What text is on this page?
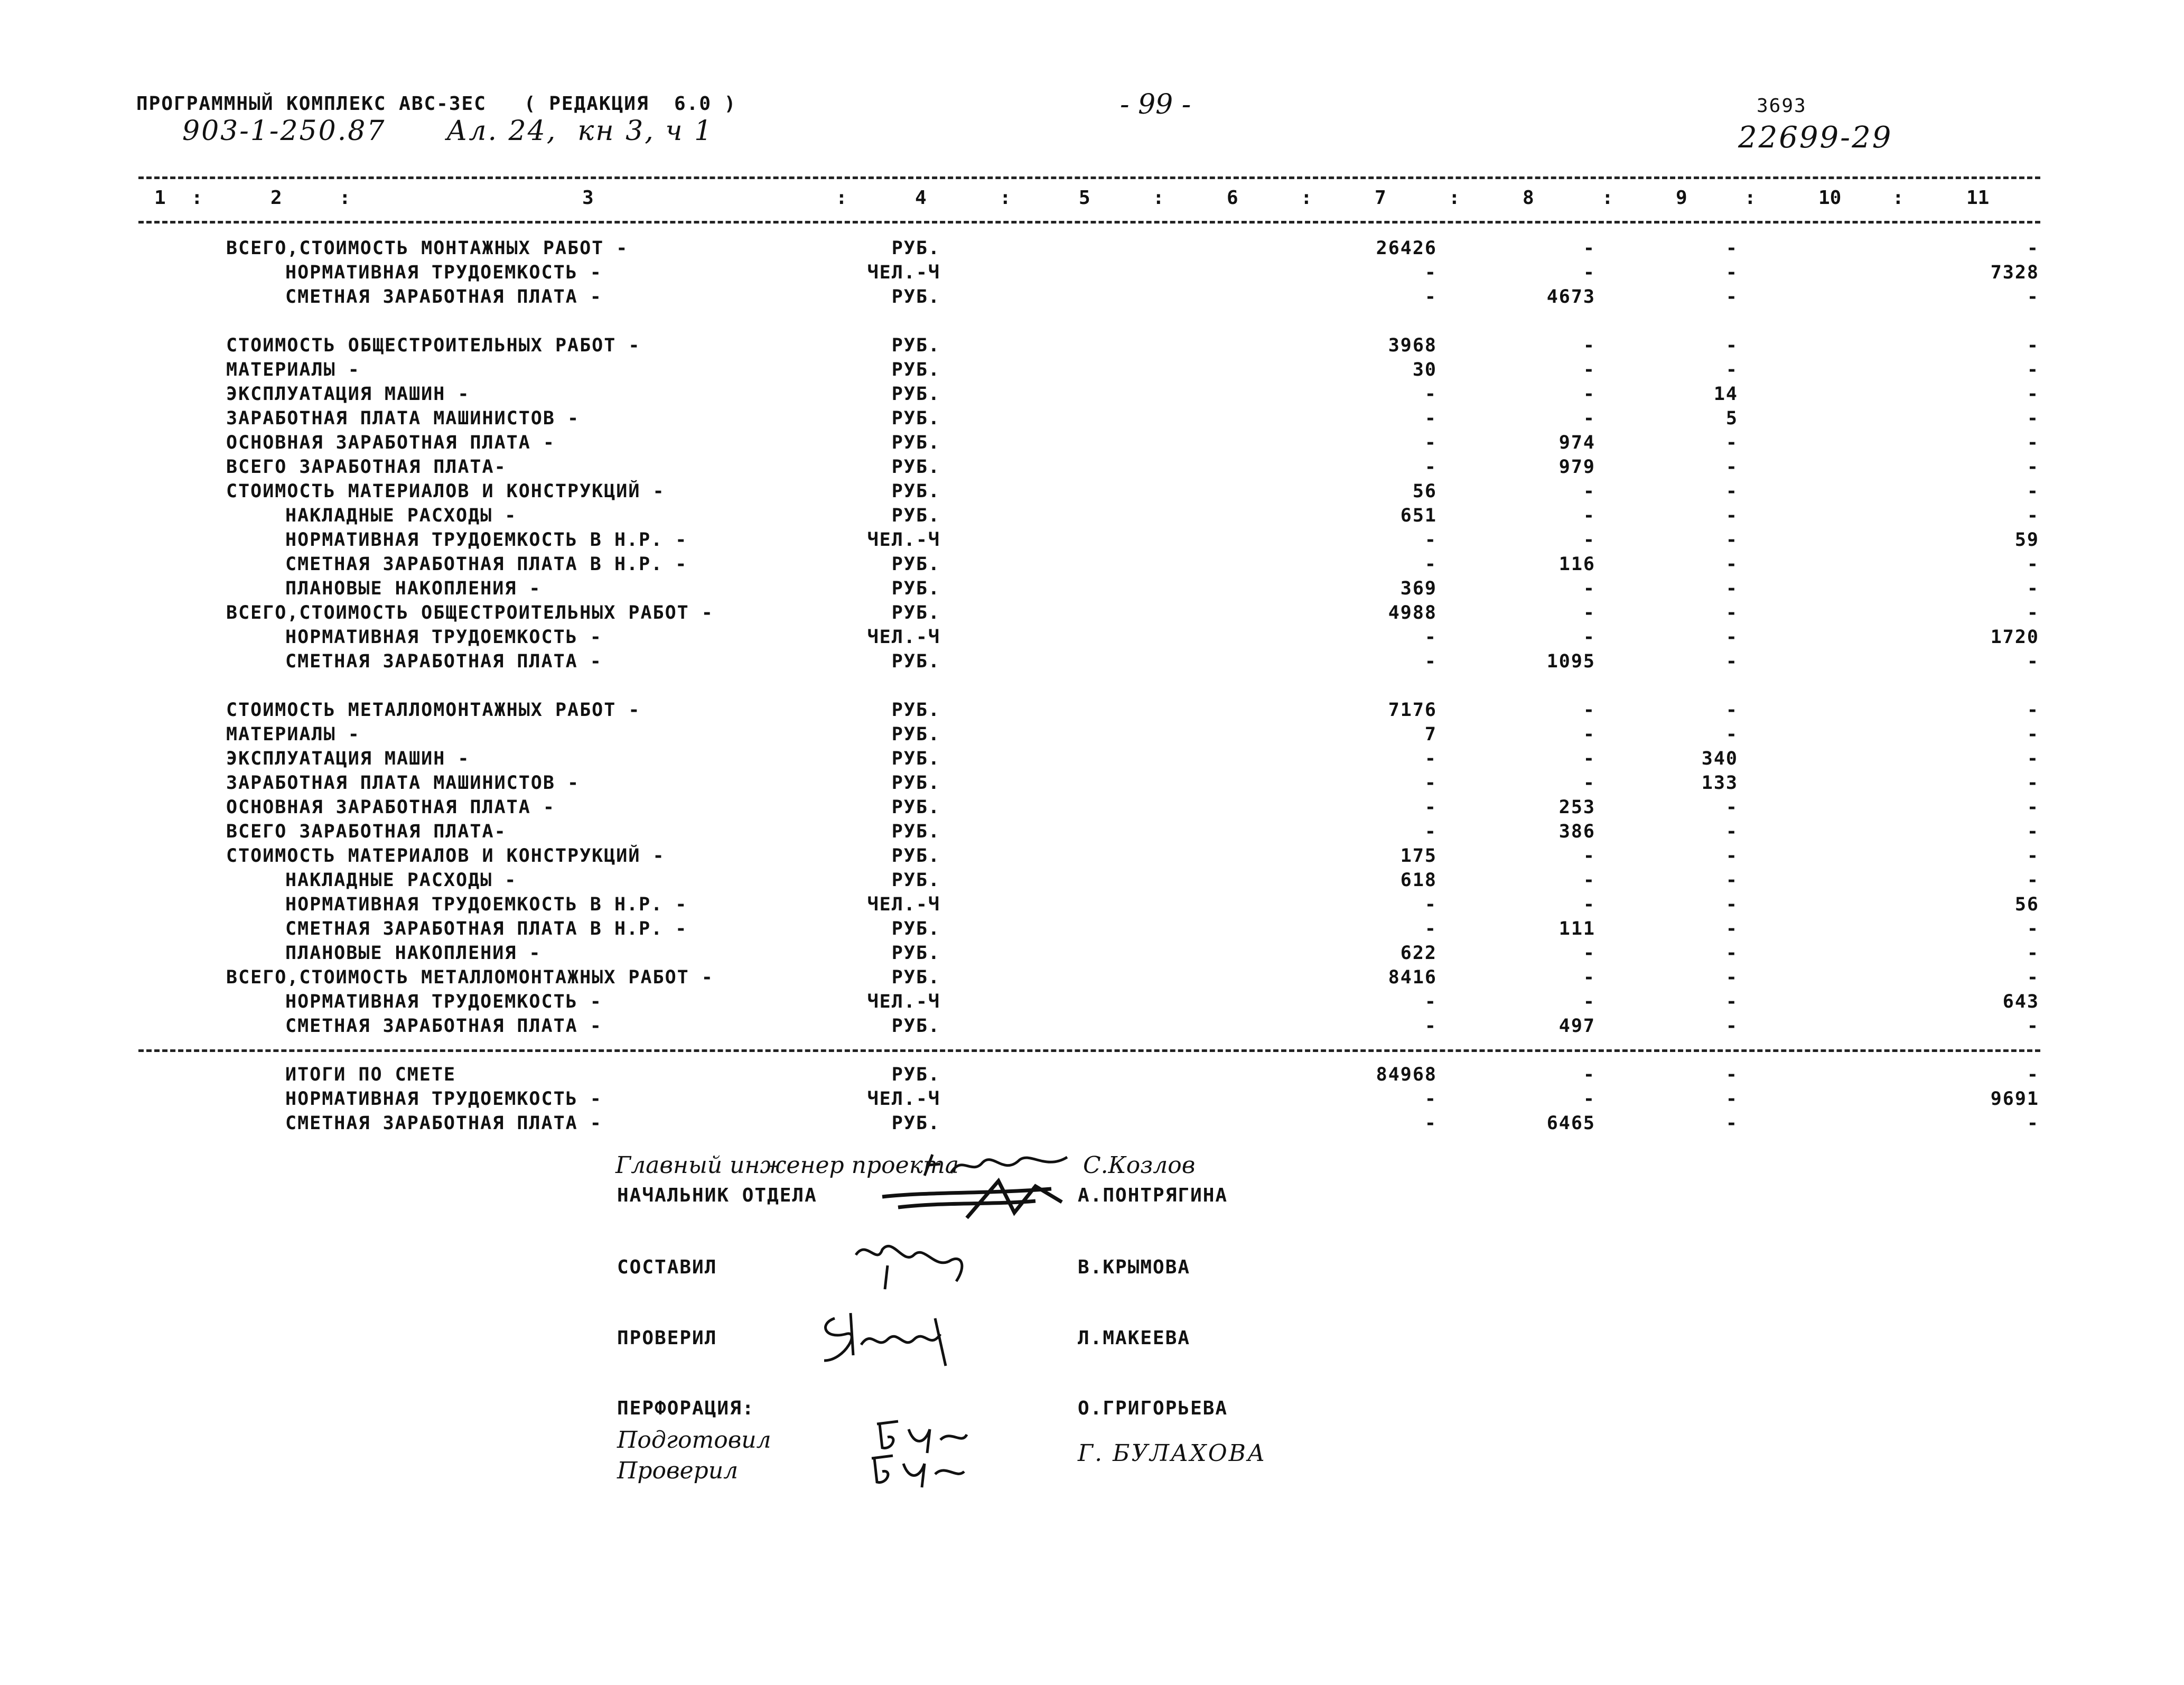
ПРОГРАММНЫЙ КОМПЛЕКС АВС-ЗЕС   ( РЕДАКЦИЯ  6.0 )
903-1-250.87 Ал. 24,  кн 3, ч 1
- 99 -	3693
22699-29
1	2	3	4	5	6	7	8	9	10	11
:	:	:	:	:	:	:	:	:	:
ВСЕГО,СТОИМОСТЬ МОНТАЖНЫХ РАБОТ -	РУБ.	26426	-	-	-
НОРМАТИВНАЯ ТРУДОЕМКОСТЬ -	ЧЕЛ.-Ч	-	-	-	7328
СМЕТНАЯ ЗАРАБОТНАЯ ПЛАТА -	РУБ.	-	4673	-	-
СТОИМОСТЬ ОБЩЕСТРОИТЕЛЬНЫХ РАБОТ -	РУБ.	3968	-	-	-
МАТЕРИАЛЫ -	РУБ.	30	-	-	-
ЭКСПЛУАТАЦИЯ МАШИН -	РУБ.	-	-	14	-
ЗАРАБОТНАЯ ПЛАТА МАШИНИСТОВ -	РУБ.	-	-	5	-
ОСНОВНАЯ ЗАРАБОТНАЯ ПЛАТА -	РУБ.	-	974	-	-
ВСЕГО ЗАРАБОТНАЯ ПЛАТА-	РУБ.	-	979	-	-
СТОИМОСТЬ МАТЕРИАЛОВ И КОНСТРУКЦИЙ -	РУБ.	56	-	-	-
НАКЛАДНЫЕ РАСХОДЫ -	РУБ.	651	-	-	-
НОРМАТИВНАЯ ТРУДОЕМКОСТЬ В Н.Р. -	ЧЕЛ.-Ч	-	-	-	59
СМЕТНАЯ ЗАРАБОТНАЯ ПЛАТА В Н.Р. -	РУБ.	-	116	-	-
ПЛАНОВЫЕ НАКОПЛЕНИЯ -	РУБ.	369	-	-	-
ВСЕГО,СТОИМОСТЬ ОБЩЕСТРОИТЕЛЬНЫХ РАБОТ -	РУБ.	4988	-	-	-
НОРМАТИВНАЯ ТРУДОЕМКОСТЬ -	ЧЕЛ.-Ч	-	-	-	1720
СМЕТНАЯ ЗАРАБОТНАЯ ПЛАТА -	РУБ.	-	1095	-	-
СТОИМОСТЬ МЕТАЛЛОМОНТАЖНЫХ РАБОТ -	РУБ.	7176	-	-	-
МАТЕРИАЛЫ -	РУБ.	7	-	-	-
ЭКСПЛУАТАЦИЯ МАШИН -	РУБ.	-	-	340	-
ЗАРАБОТНАЯ ПЛАТА МАШИНИСТОВ -	РУБ.	-	-	133	-
ОСНОВНАЯ ЗАРАБОТНАЯ ПЛАТА -	РУБ.	-	253	-	-
ВСЕГО ЗАРАБОТНАЯ ПЛАТА-	РУБ.	-	386	-	-
СТОИМОСТЬ МАТЕРИАЛОВ И КОНСТРУКЦИЙ -	РУБ.	175	-	-	-
НАКЛАДНЫЕ РАСХОДЫ -	РУБ.	618	-	-	-
НОРМАТИВНАЯ ТРУДОЕМКОСТЬ В Н.Р. -	ЧЕЛ.-Ч	-	-	-	56
СМЕТНАЯ ЗАРАБОТНАЯ ПЛАТА В Н.Р. -	РУБ.	-	111	-	-
ПЛАНОВЫЕ НАКОПЛЕНИЯ -	РУБ.	622	-	-	-
ВСЕГО,СТОИМОСТЬ МЕТАЛЛОМОНТАЖНЫХ РАБОТ -	РУБ.	8416	-	-	-
НОРМАТИВНАЯ ТРУДОЕМКОСТЬ -	ЧЕЛ.-Ч	-	-	-	643
СМЕТНАЯ ЗАРАБОТНАЯ ПЛАТА -	РУБ.	-	497	-	-
ИТОГИ ПО СМЕТЕ	РУБ.	84968	-	-	-
НОРМАТИВНАЯ ТРУДОЕМКОСТЬ -	ЧЕЛ.-Ч	-	-	-	9691
СМЕТНАЯ ЗАРАБОТНАЯ ПЛАТА -	РУБ.	-	6465	-	-
Главный инженер проекта	С.Козлов
НАЧАЛЬНИК ОТДЕЛА	А.ПОНТРЯГИНА
СОСТАВИЛ	В.КРЫМОВА
ПРОВЕРИЛ	Л.МАКЕЕВА
ПЕРФОРАЦИЯ:	О.ГРИГОРЬЕВА
Подготовил
Проверил
Г. БУЛАХОВА
